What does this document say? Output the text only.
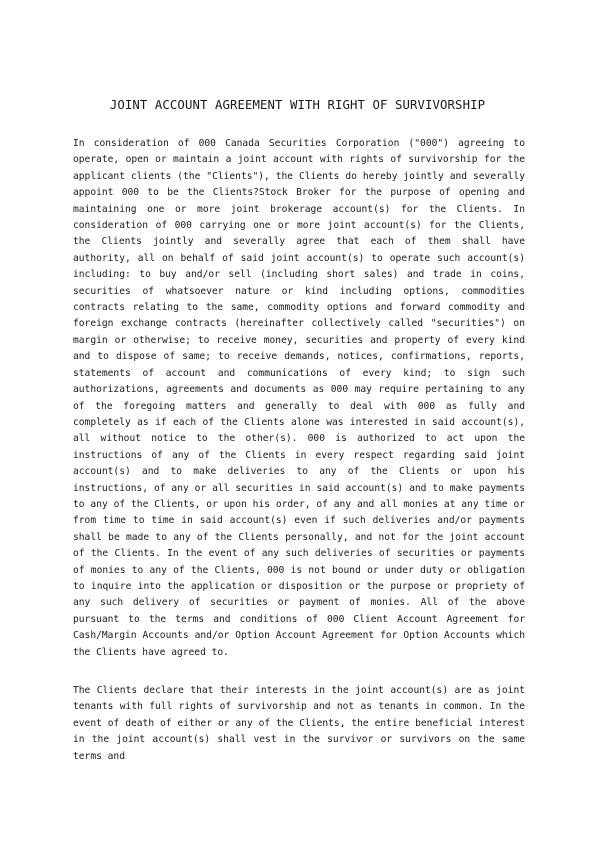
JOINT ACCOUNT AGREEMENT WITH RIGHT OF SURVIVORSHIP

In consideration of 000 Canada Securities Corporation ("000") agreeing to operate, open or maintain a joint account with rights of survivorship for the applicant clients (the "Clients"), the Clients do hereby jointly and severally appoint 000 to be the Clients?Stock Broker for the purpose of opening and maintaining one or more joint brokerage account(s) for the Clients. In consideration of 000 carrying one or more joint account(s) for the Clients, the Clients jointly and severally agree that each of them shall have authority, all on behalf of said joint account(s) to operate such account(s) including: to buy and/or sell (including short sales) and trade in coins, securities of whatsoever nature or kind including options, commodities contracts relating to the same, commodity options and forward commodity and foreign exchange contracts (hereinafter collectively called "securities") on margin or otherwise; to receive money, securities and property of every kind and to dispose of same; to receive demands, notices, confirmations, reports, statements of account and communications of every kind; to sign such authorizations, agreements and documents as 000 may require pertaining to any of the foregoing matters and generally to deal with 000 as fully and completely as if each of the Clients alone was interested in said account(s), all without notice to the other(s). 000 is authorized to act upon the instructions of any of the Clients in every respect regarding said joint account(s) and to make deliveries to any of the Clients or upon his instructions, of any or all securities in said account(s) and to make payments to any of the Clients, or upon his order, of any and all monies at any time or from time to time in said account(s) even if such deliveries and/or payments shall be made to any of the Clients personally, and not for the joint account of the Clients. In the event of any such deliveries of securities or payments of monies to any of the Clients, 000 is not bound or under duty or obligation to inquire into the application or disposition or the purpose or propriety of any such delivery of securities or payment of monies. All of the above pursuant to the terms and conditions of 000 Client Account Agreement for Cash/Margin Accounts and/or Option Account Agreement for Option Accounts which the Clients have agreed to.

The Clients declare that their interests in the joint account(s) are as joint tenants with full rights of survivorship and not as tenants in common. In the event of death of either or any of the Clients, the entire beneficial interest in the joint account(s) shall vest in the survivor or survivors on the same terms and
